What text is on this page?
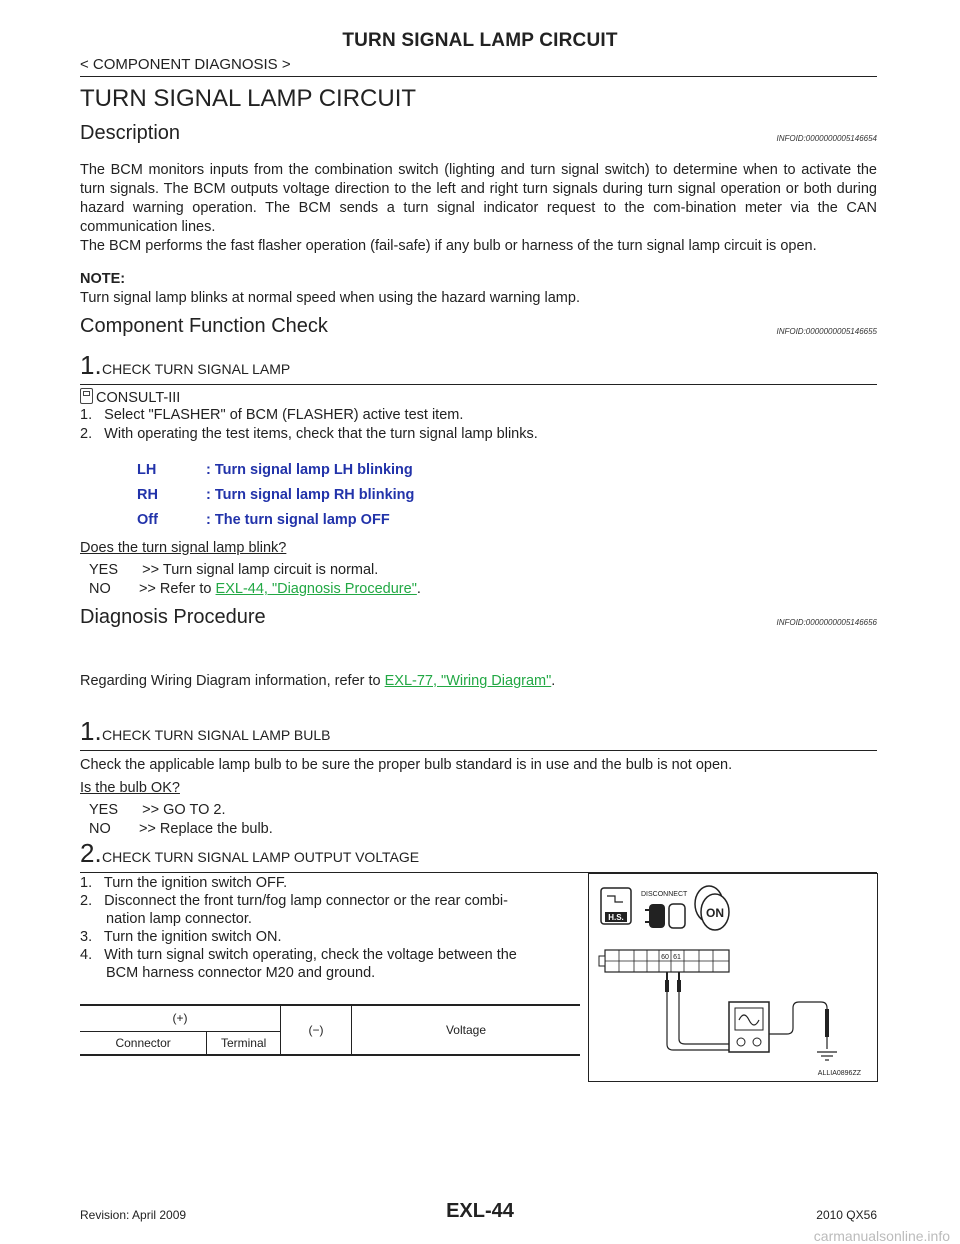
TURN SIGNAL LAMP CIRCUIT
< COMPONENT DIAGNOSIS >
TURN SIGNAL LAMP CIRCUIT
Description	INFOID:0000000005146654
The BCM monitors inputs from the combination switch (lighting and turn signal switch) to determine when to activate the turn signals. The BCM outputs voltage direction to the left and right turn signals during turn signal operation or both during hazard warning operation. The BCM sends a turn signal indicator request to the com-bination meter via the CAN communication lines.
The BCM performs the fast flasher operation (fail-safe) if any bulb or harness of the turn signal lamp circuit is open.
NOTE:
Turn signal lamp blinks at normal speed when using the hazard warning lamp.
Component Function Check	INFOID:0000000005146655
1. CHECK TURN SIGNAL LAMP
CONSULT-III
1.   Select "FLASHER" of BCM (FLASHER) active test item.
2.   With operating the test items, check that the turn signal lamp blinks.
LH	: Turn signal lamp LH blinking
RH	: Turn signal lamp RH blinking
Off	: The turn signal lamp OFF
Does the turn signal lamp blink?
YES      >> Turn signal lamp circuit is normal.
NO       >> Refer to EXL-44, "Diagnosis Procedure".
Diagnosis Procedure	INFOID:0000000005146656
Regarding Wiring Diagram information, refer to EXL-77, "Wiring Diagram".
1. CHECK TURN SIGNAL LAMP BULB
Check the applicable lamp bulb to be sure the proper bulb standard is in use and the bulb is not open.
Is the bulb OK?
YES      >> GO TO 2.
NO       >> Replace the bulb.
2. CHECK TURN SIGNAL LAMP OUTPUT VOLTAGE
1.   Turn the ignition switch OFF.
2.   Disconnect the front turn/fog lamp connector or the rear combi-
nation lamp connector.
3.   Turn the ignition switch ON.
4.   With turn signal switch operating, check the voltage between the
BCM harness connector M20 and ground.
(+)		(−)	Voltage
Connector	Terminal		
H.S.
DISCONNECT
ON
60 61
ALLIA0896ZZ
Revision: April 2009	EXL-44	2010 QX56
carmanualsonline.info
